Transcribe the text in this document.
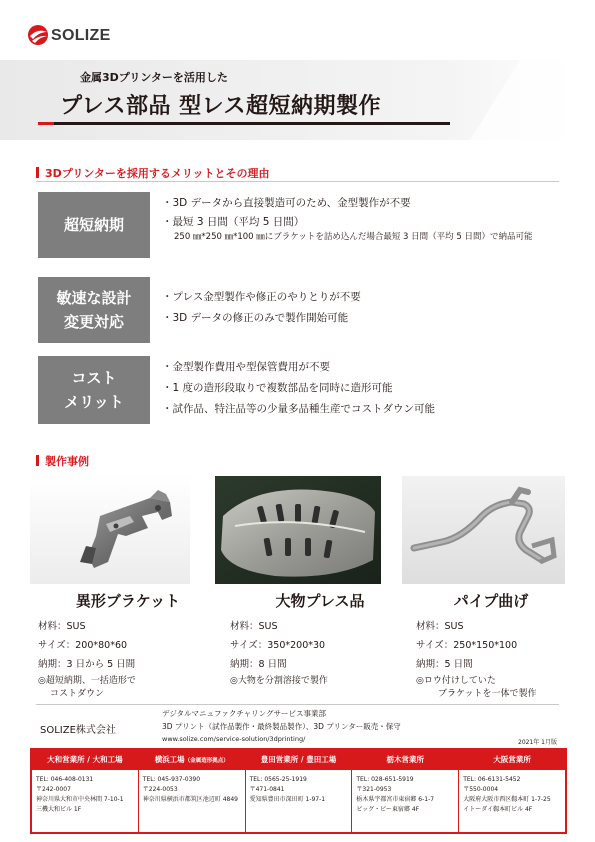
SOLIZE
金属3Dプリンターを活用した
プレス部品 型レス超短納期製作
3Dプリンターを採用するメリットとその理由
超短納期
・3D データから直接製造可のため、金型製作が不要
・最短 3 日間（平均 5 日間）
250 ㎜*250 ㎜*100 ㎜にブラケットを詰め込んだ場合最短 3 日間（平均 5 日間）で納品可能
敏速な設計
変更対応
・プレス金型製作や修正のやりとりが不要
・3D データの修正のみで製作開始可能
コスト
メリット
・金型製作費用や型保管費用が不要
・1 度の造形段取りで複数部品を同時に造形可能
・試作品、特注品等の少量多品種生産でコストダウン可能
製作事例
異形ブラケット
材料：SUS
サイズ：200*80*60
納期：3 日から 5 日間
◎超短納期、一括造形で
コストダウン
大物プレス品
材料：SUS
サイズ：350*200*30
納期：8 日間
◎大物を分割溶接で製作
パイプ曲げ
材料：SUS
サイズ：250*150*100
納期：5 日間
◎ロウ付けしていた
ブラケットを一体で製作
SOLIZE株式会社
デジタルマニュファクチャリングサービス事業部
3D プリント（試作品製作・最終製品製作）、3D プリンター販売・保守
www.solize.com/service-solution/3dprinting/	2021年 1月版
大和営業所 / 大和工場
TEL: 046-408-0131
〒242-0007
神奈川県大和市中央林間 7-10-1
三機大和ビル 1F
横浜工場（金属造形拠点）
TEL: 045-937-0390
〒224-0053
神奈川県横浜市都筑区池辺町 4849
豊田営業所 / 豊田工場
TEL: 0565-25-1919
〒471-0841
愛知県豊田市深田町 1-97-1
栃木営業所
TEL: 028-651-5919
〒321-0953
栃木県宇都宮市東宿郷 6-1-7
ビッグ・ビー東宿郷 4F
大阪営業所
TEL: 06-6131-5452
〒550-0004
大阪府大阪市西区靱本町 1-7-25
イトーダイ靱本町ビル 4F
